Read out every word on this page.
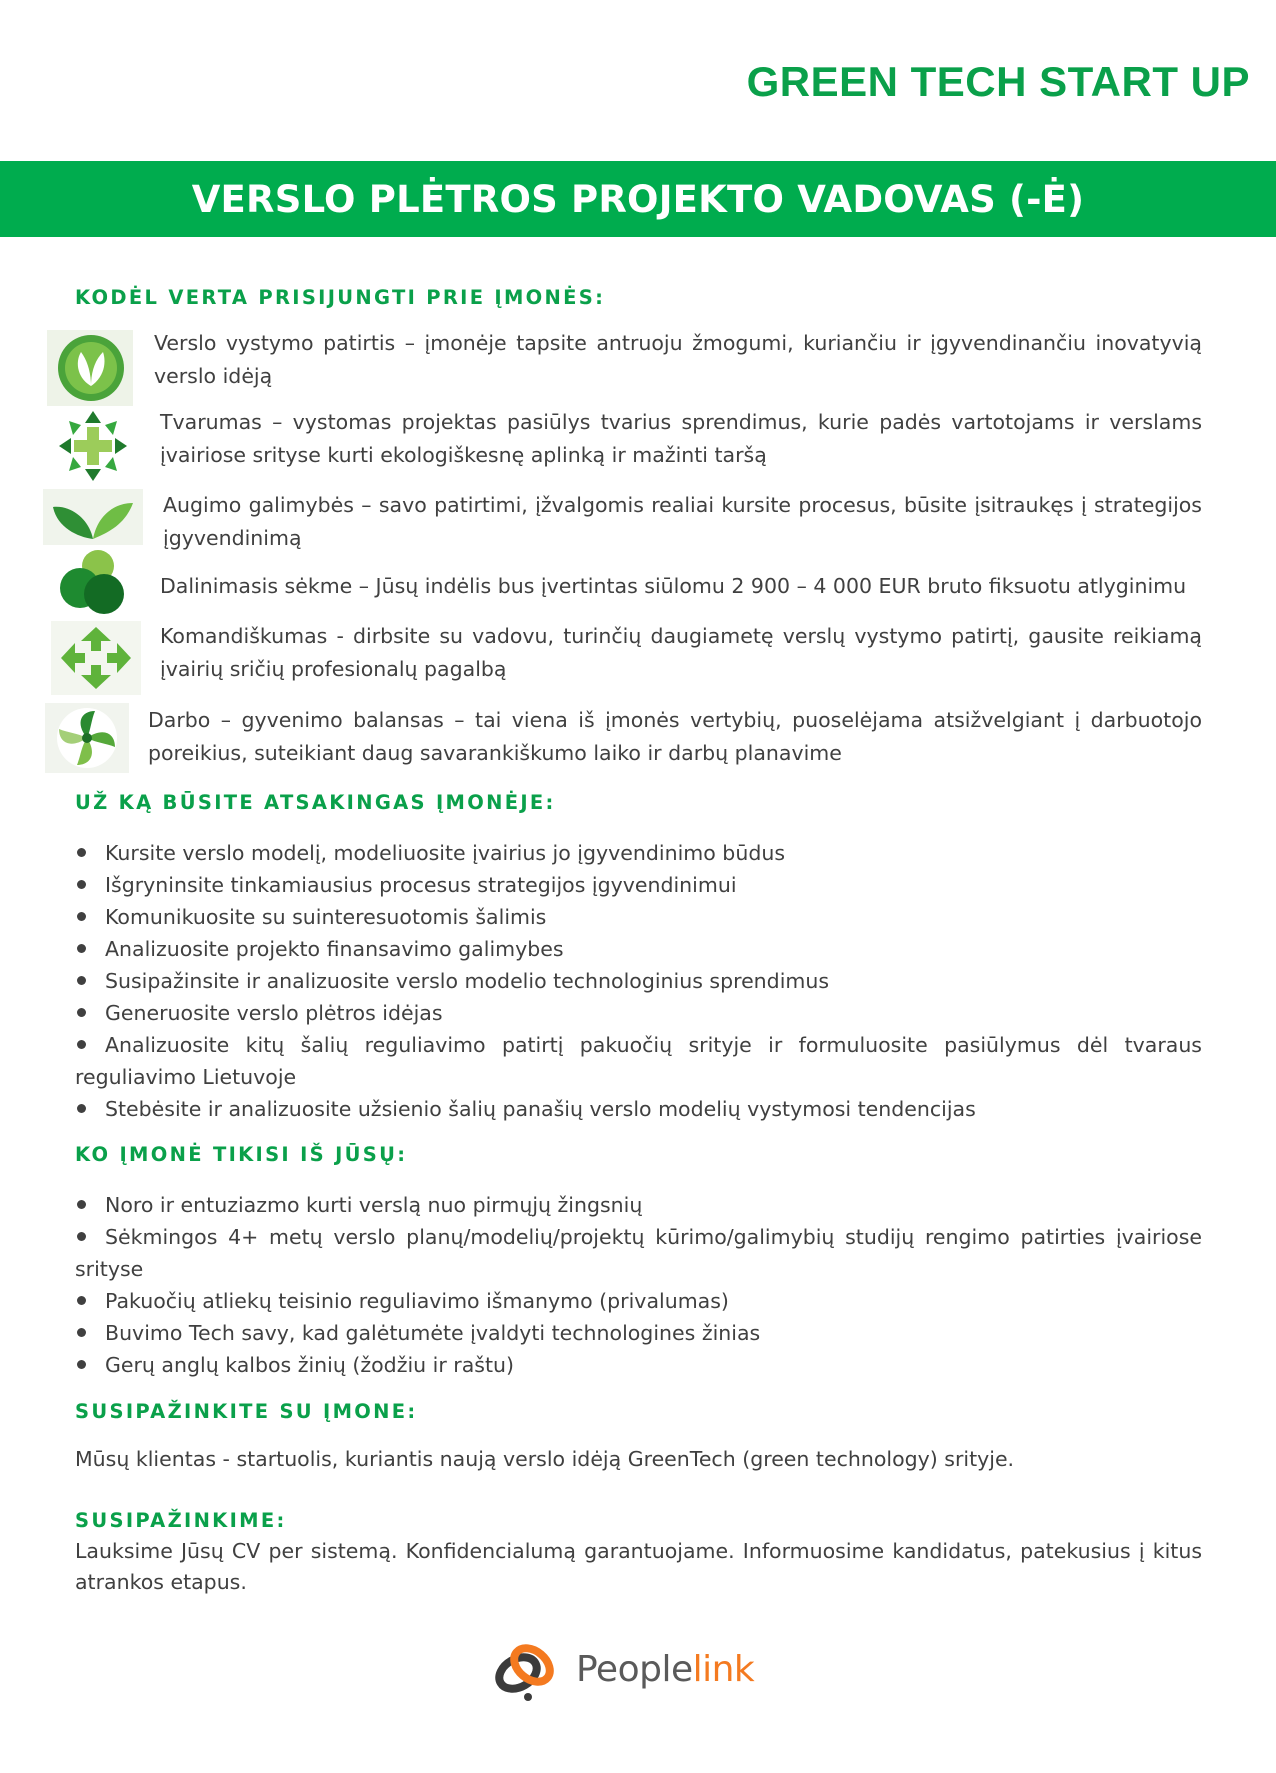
GREEN TECH START UP
VERSLO PLĖTROS PROJEKTO VADOVAS (-Ė)
KODĖL VERTA PRISIJUNGTI PRIE ĮMONĖS:
Verslo vystymo patirtis – įmonėje tapsite antruoju žmogumi, kuriančiu ir įgyvendinančiu inovatyvią verslo idėją
Tvarumas – vystomas projektas pasiūlys tvarius sprendimus, kurie padės vartotojams ir verslams įvairiose srityse kurti ekologiškesnę aplinką ir mažinti taršą
Augimo galimybės – savo patirtimi, įžvalgomis realiai kursite procesus, būsite įsitraukęs į strategijos įgyvendinimą
Dalinimasis sėkme – Jūsų indėlis bus įvertintas siūlomu 2 900 – 4 000 EUR bruto fiksuotu atlyginimu
Komandiškumas - dirbsite su vadovu, turinčių daugiametę verslų vystymo patirtį, gausite reikiamą įvairių sričių profesionalų pagalbą
Darbo – gyvenimo balansas – tai viena iš įmonės vertybių, puoselėjama atsižvelgiant į darbuotojo poreikius, suteikiant daug savarankiškumo laiko ir darbų planavime
UŽ KĄ BŪSITE ATSAKINGAS ĮMONĖJE:
Kursite verslo modelį, modeliuosite įvairius jo įgyvendinimo būdus
Išgryninsite tinkamiausius procesus strategijos įgyvendinimui
Komunikuosite su suinteresuotomis šalimis
Analizuosite projekto finansavimo galimybes
Susipažinsite ir analizuosite verslo modelio technologinius sprendimus
Generuosite verslo plėtros idėjas
Analizuosite kitų šalių reguliavimo patirtį pakuočių srityje ir formuluosite pasiūlymus dėl tvaraus reguliavimo Lietuvoje
Stebėsite ir analizuosite užsienio šalių panašių verslo modelių vystymosi tendencijas
KO ĮMONĖ TIKISI IŠ JŪSŲ:
Noro ir entuziazmo kurti verslą nuo pirmųjų žingsnių
Sėkmingos 4+ metų verslo planų/modelių/projektų kūrimo/galimybių studijų rengimo patirties įvairiose srityse
Pakuočių atliekų teisinio reguliavimo išmanymo (privalumas)
Buvimo Tech savy, kad galėtumėte įvaldyti technologines žinias
Gerų anglų kalbos žinių (žodžiu ir raštu)
SUSIPAŽINKITE SU ĮMONE:

Mūsų klientas - startuolis, kuriantis naują verslo idėją GreenTech (green technology) srityje.

SUSIPAŽINKIME:

Lauksime Jūsų CV per sistemą. Konfidencialumą garantuojame. Informuosime kandidatus, patekusius į kitus atrankos etapus.

Peoplelink
